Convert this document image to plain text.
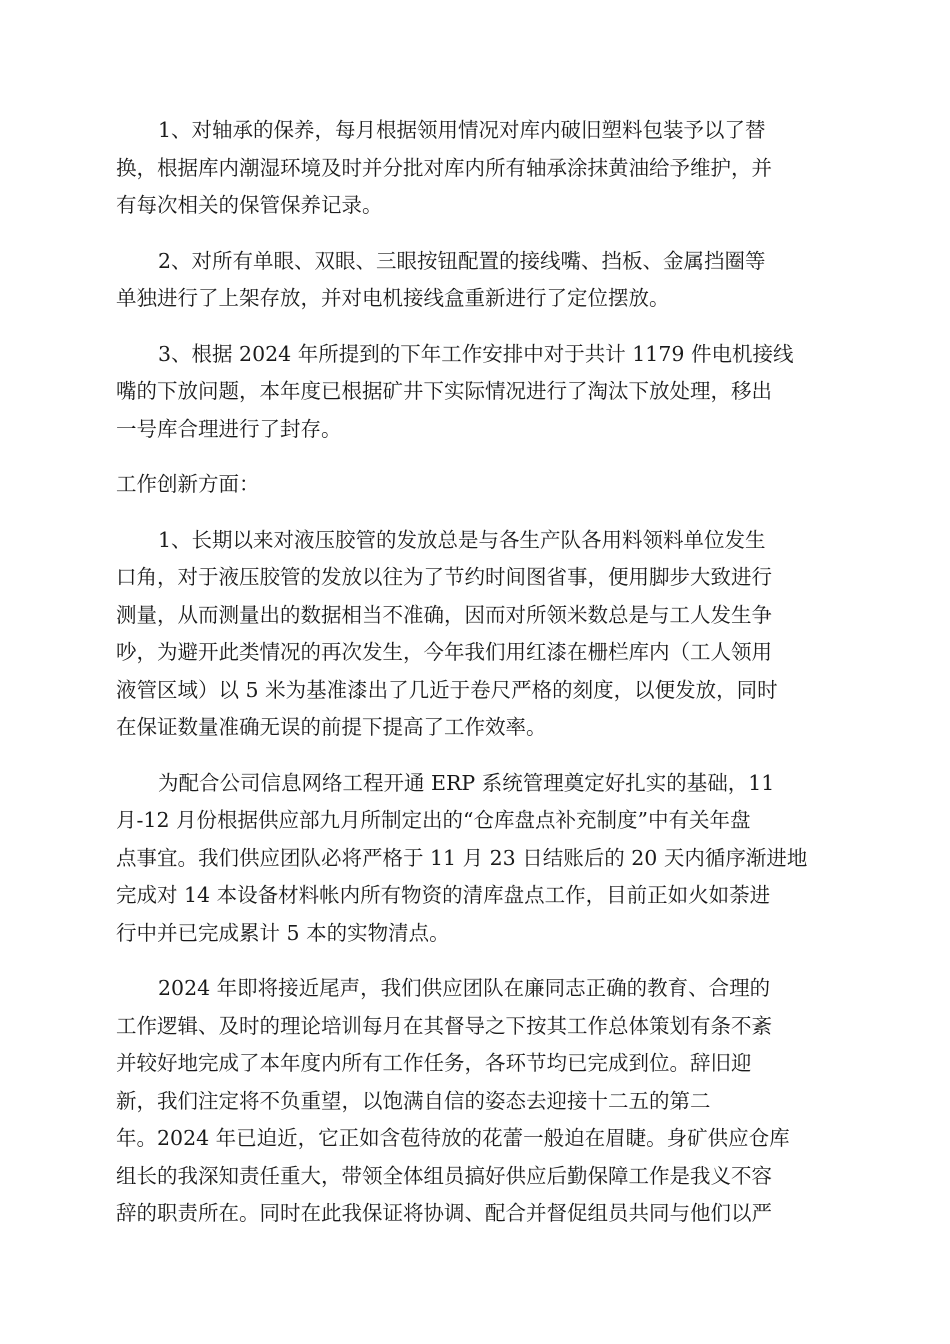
1、对轴承的保养，每月根据领用情况对库内破旧塑料包装予以了替
换，根据库内潮湿环境及时并分批对库内所有轴承涂抹黄油给予维护，并
有每次相关的保管保养记录。
2、对所有单眼、双眼、三眼按钮配置的接线嘴、挡板、金属挡圈等
单独进行了上架存放，并对电机接线盒重新进行了定位摆放。
3、根据 2024 年所提到的下年工作安排中对于共计 1179 件电机接线
嘴的下放问题，本年度已根据矿井下实际情况进行了淘汰下放处理，移出
一号库合理进行了封存。
工作创新方面：
1、长期以来对液压胶管的发放总是与各生产队各用料领料单位发生
口角，对于液压胶管的发放以往为了节约时间图省事，便用脚步大致进行
测量，从而测量出的数据相当不准确，因而对所领米数总是与工人发生争
吵，为避开此类情况的再次发生，今年我们用红漆在栅栏库内（工人领用
液管区域）以 5 米为基准漆出了几近于卷尺严格的刻度，以便发放，同时
在保证数量准确无误的前提下提高了工作效率。
为配合公司信息网络工程开通 ERP 系统管理奠定好扎实的基础，11
月-12 月份根据供应部九月所制定出的“仓库盘点补充制度”中有关年盘
点事宜。我们供应团队必将严格于 11 月 23 日结账后的 20 天内循序渐进地
完成对 14 本设备材料帐内所有物资的清库盘点工作，目前正如火如荼进
行中并已完成累计 5 本的实物清点。
2024 年即将接近尾声，我们供应团队在廉同志正确的教育、合理的
工作逻辑、及时的理论培训每月在其督导之下按其工作总体策划有条不紊
并较好地完成了本年度内所有工作任务，各环节均已完成到位。辞旧迎
新，我们注定将不负重望，以饱满自信的姿态去迎接十二五的第二
年。2024 年已迫近，它正如含苞待放的花蕾一般迫在眉睫。身矿供应仓库
组长的我深知责任重大，带领全体组员搞好供应后勤保障工作是我义不容
辞的职责所在。同时在此我保证将协调、配合并督促组员共同与他们以严
